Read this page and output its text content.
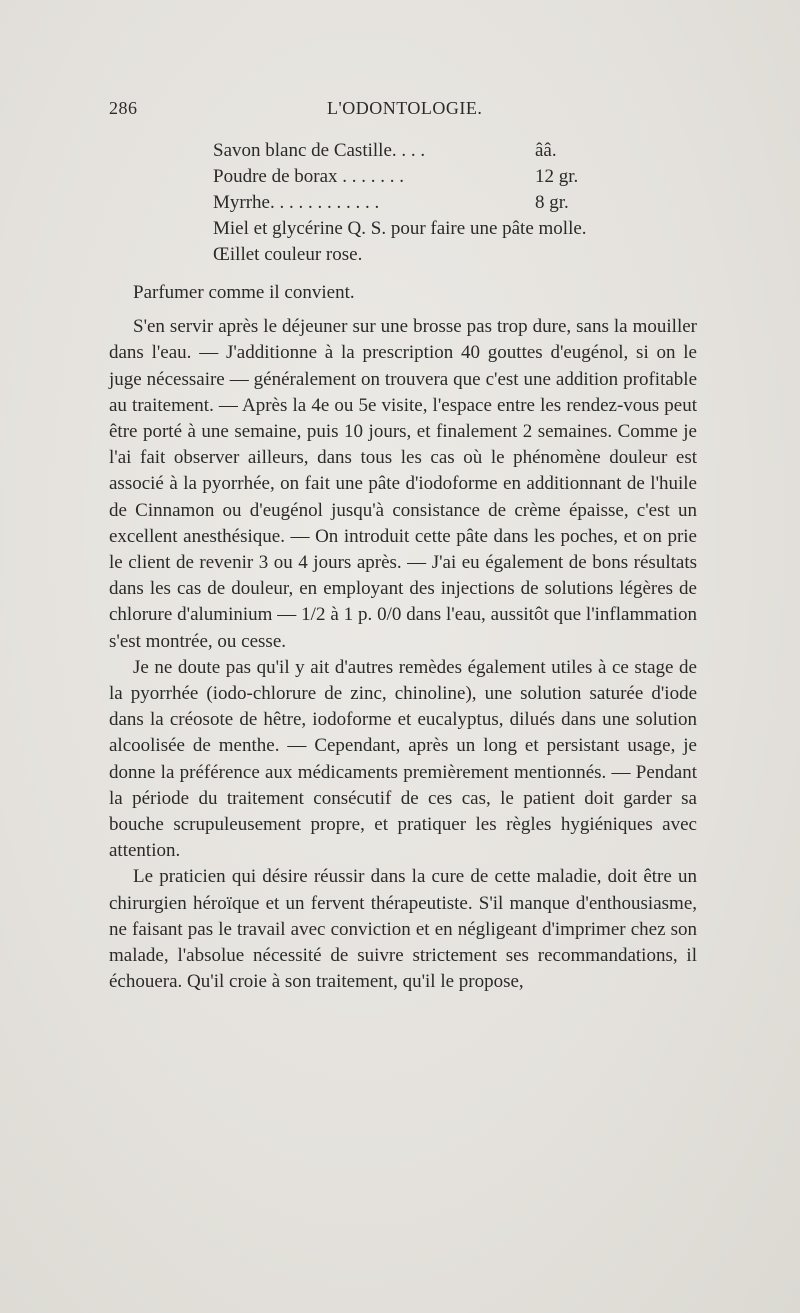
286	L'ODONTOLOGIE.
Savon blanc de Castille. . . .	ââ.
Poudre de borax . . . . . . .	12 gr.
Myrrhe. . . . . . . . . . . .	8 gr.
Miel et glycérine Q. S. pour faire une pâte molle.
Œillet couleur rose.

Parfumer comme il convient.

S'en servir après le déjeuner sur une brosse pas trop dure, sans la mouiller dans l'eau. — J'additionne à la prescription 40 gouttes d'eugénol, si on le juge nécessaire — généralement on trouvera que c'est une addition profitable au traitement. — Après la 4e ou 5e visite, l'espace entre les rendez-vous peut être porté à une semaine, puis 10 jours, et finalement 2 semaines. Comme je l'ai fait observer ailleurs, dans tous les cas où le phénomène douleur est associé à la pyorrhée, on fait une pâte d'iodoforme en additionnant de l'huile de Cinnamon ou d'eugénol jusqu'à consistance de crème épaisse, c'est un excellent anesthésique. — On introduit cette pâte dans les poches, et on prie le client de revenir 3 ou 4 jours après. — J'ai eu également de bons résultats dans les cas de douleur, en employant des injections de solutions légères de chlorure d'aluminium — 1/2 à 1 p. 0/0 dans l'eau, aussitôt que l'inflammation s'est montrée, ou cesse.

Je ne doute pas qu'il y ait d'autres remèdes également utiles à ce stage de la pyorrhée (iodo-chlorure de zinc, chinoline), une solution saturée d'iode dans la créosote de hêtre, iodoforme et eucalyptus, dilués dans une solution alcoolisée de menthe. — Cependant, après un long et persistant usage, je donne la préférence aux médicaments premièrement mentionnés. — Pendant la période du traitement consécutif de ces cas, le patient doit garder sa bouche scrupuleusement propre, et pratiquer les règles hygiéniques avec attention.

Le praticien qui désire réussir dans la cure de cette maladie, doit être un chirurgien héroïque et un fervent thérapeutiste. S'il manque d'enthousiasme, ne faisant pas le travail avec conviction et en négligeant d'imprimer chez son malade, l'absolue nécessité de suivre strictement ses recommandations, il échouera. Qu'il croie à son traitement, qu'il le propose,
